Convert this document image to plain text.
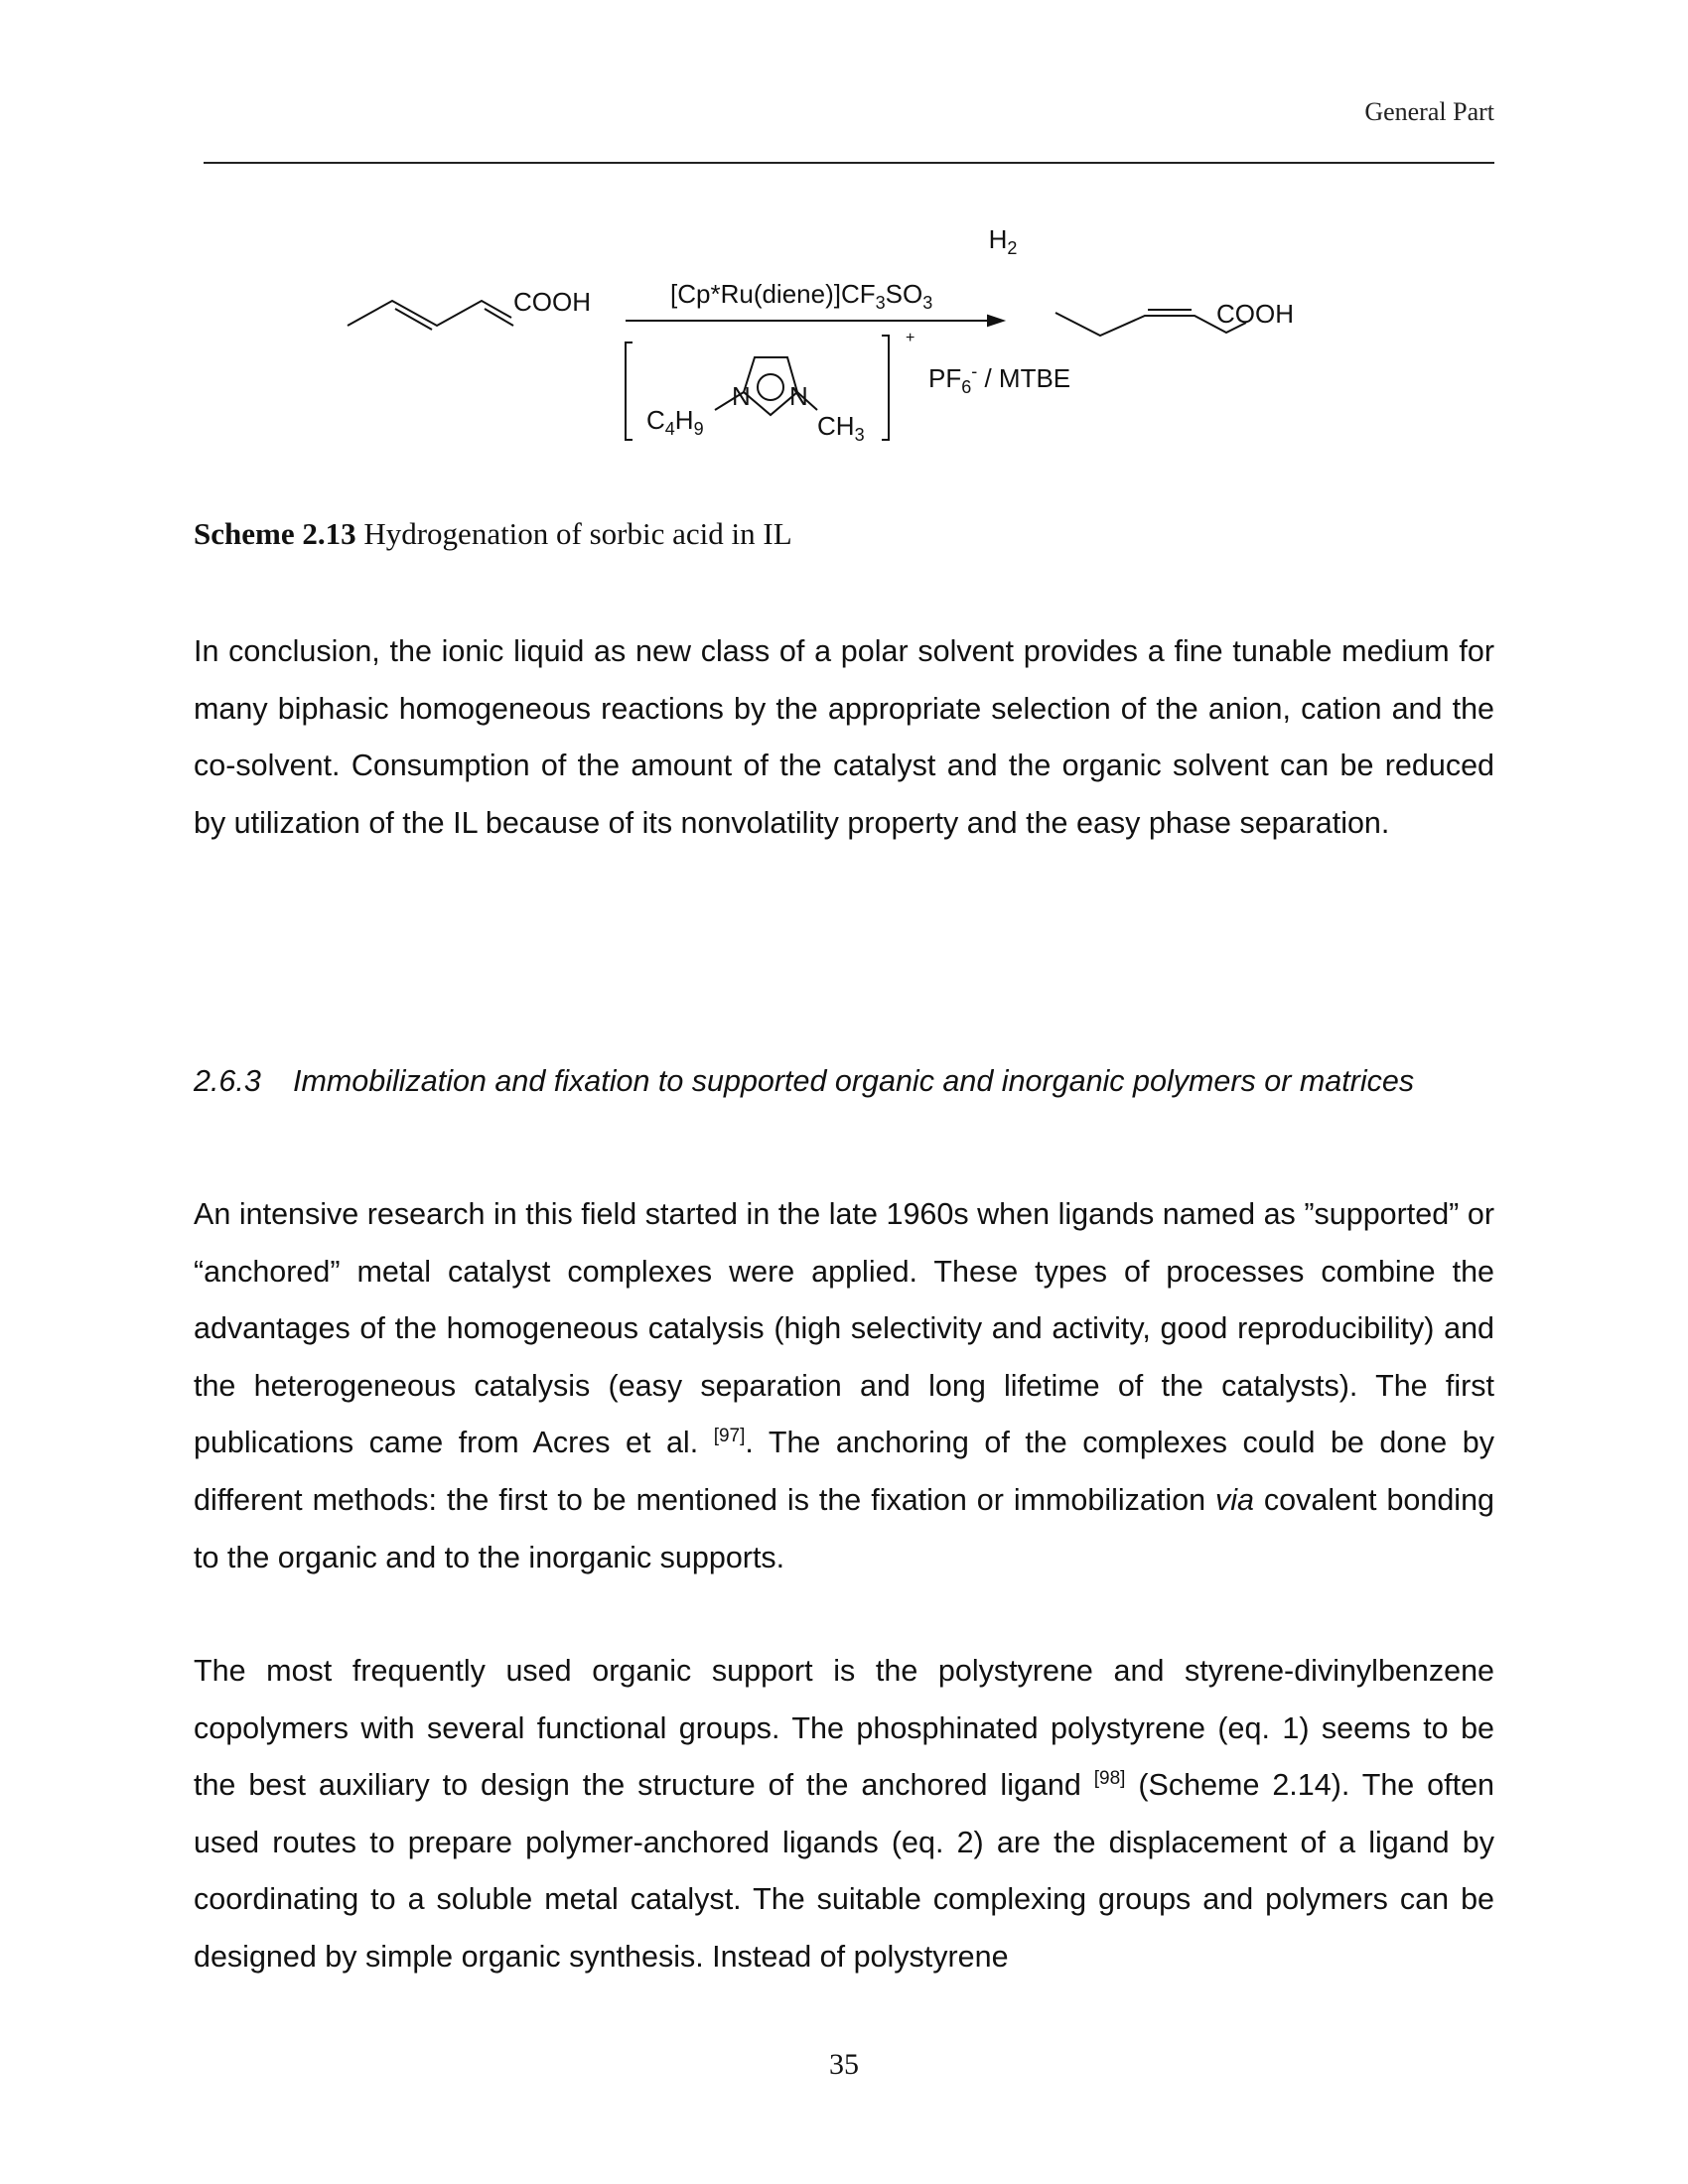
General Part
COOH
$H_2$
$[Cp*Ru(diene)]CF_3SO_3$	COOH
+
N N
$C_4H_9$	$CH_3$
$PF_6^-$ / MTBE
Scheme 2.13 Hydrogenation of sorbic acid in IL
In conclusion, the ionic liquid as new class of a polar solvent provides a fine tunable medium for many biphasic homogeneous reactions by the appropriate selection of the anion, cation and the co-solvent. Consumption of the amount of the catalyst and the organic solvent can be reduced by utilization of the IL because of its nonvolatility property and the easy phase separation.
2.6.3 Immobilization and fixation to supported organic and inorganic polymers or matrices
An intensive research in this field started in the late 1960s when ligands named as ”supported” or “anchored” metal catalyst complexes were applied. These types of processes combine the advantages of the homogeneous catalysis (high selectivity and activity, good reproducibility) and the heterogeneous catalysis (easy separation and long lifetime of the catalysts). The first publications came from Acres et al. [97]. The anchoring of the complexes could be done by different methods: the first to be mentioned is the fixation or immobilization via covalent bonding to the organic and to the inorganic supports.
The most frequently used organic support is the polystyrene and styrene-divinylbenzene copolymers with several functional groups. The phosphinated polystyrene (eq. 1) seems to be the best auxiliary to design the structure of the anchored ligand [98] (Scheme 2.14). The often used routes to prepare polymer-anchored ligands (eq. 2) are the displacement of a ligand by coordinating to a soluble metal catalyst. The suitable complexing groups and polymers can be designed by simple organic synthesis. Instead of polystyrene
35
